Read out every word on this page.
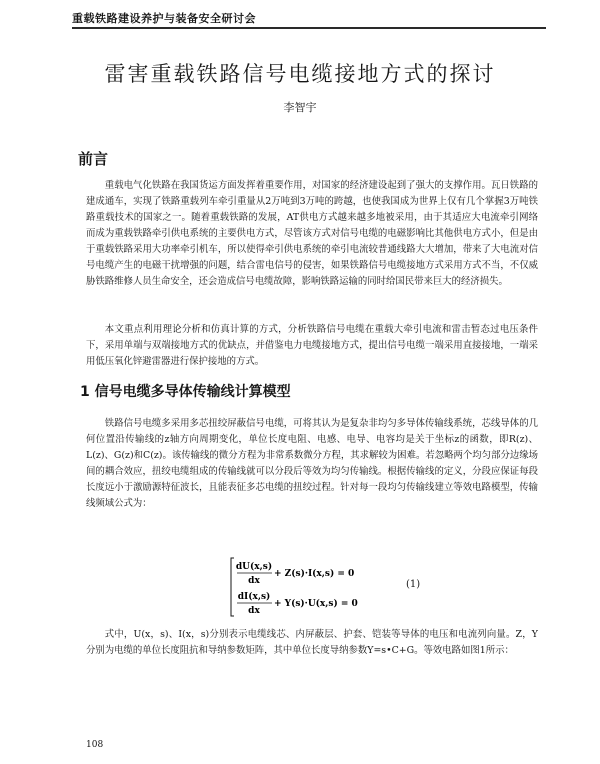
重载铁路建设养护与装备安全研讨会
雷害重载铁路信号电缆接地方式的探讨
李智宇
前言

重载电气化铁路在我国货运方面发挥着重要作用，对国家的经济建设起到了强大的支撑作用。瓦日铁路的建成通车，实现了铁路重载列车牵引重量从2万吨到3万吨的跨越，也使我国成为世界上仅有几个掌握3万吨铁路重载技术的国家之一。随着重载铁路的发展，AT供电方式越来越多地被采用，由于其适应大电流牵引网络而成为重载铁路牵引供电系统的主要供电方式，尽管该方式对信号电缆的电磁影响比其他供电方式小，但是由于重载铁路采用大功率牵引机车，所以使得牵引供电系统的牵引电流较普通线路大大增加，带来了大电流对信号电缆产生的电磁干扰增强的问题，结合雷电信号的侵害，如果铁路信号电缆接地方式采用方式不当，不仅威胁铁路维修人员生命安全，还会造成信号电缆故障，影响铁路运输的同时给国民带来巨大的经济损失。

本文重点利用理论分析和仿真计算的方式，分析铁路信号电缆在重载大牵引电流和雷击暂态过电压条件下，采用单端与双端接地方式的优缺点，并借鉴电力电缆接地方式，提出信号电缆一端采用直接接地，一端采用低压氧化锌避雷器进行保护接地的方式。

1 信号电缆多导体传输线计算模型

铁路信号电缆多采用多芯扭绞屏蔽信号电缆，可将其认为是复杂非均匀多导体传输线系统，芯线导体的几何位置沿传输线的z轴方向周期变化，单位长度电阻、电感、电导、电容均是关于坐标z的函数，即R(z)、L(z)、G(z)和C(z)。该传输线的微分方程为非常系数微分方程，其求解较为困难。若忽略两个均匀部分边缘场间的耦合效应，扭绞电缆组成的传输线就可以分段后等效为均匀传输线。根据传输线的定义，分段应保证每段长度远小于激励源特征波长，且能表征多芯电缆的扭绞过程。针对每一段均匀传输线建立等效电路模型，传输线频域公式为：

dU(x,s)
dx
+ Z(s)·I(x,s) = 0
dI(x,s)
dx
+ Y(s)·U(x,s) = 0
(1)

式中，U(x，s)、I(x，s)分别表示电缆线芯、内屏蔽层、护套、铠装等导体的电压和电流列向量。Z，Y分别为电缆的单位长度阻抗和导纳参数矩阵，其中单位长度导纳参数Y=s•C+G。等效电路如图1所示：

108
